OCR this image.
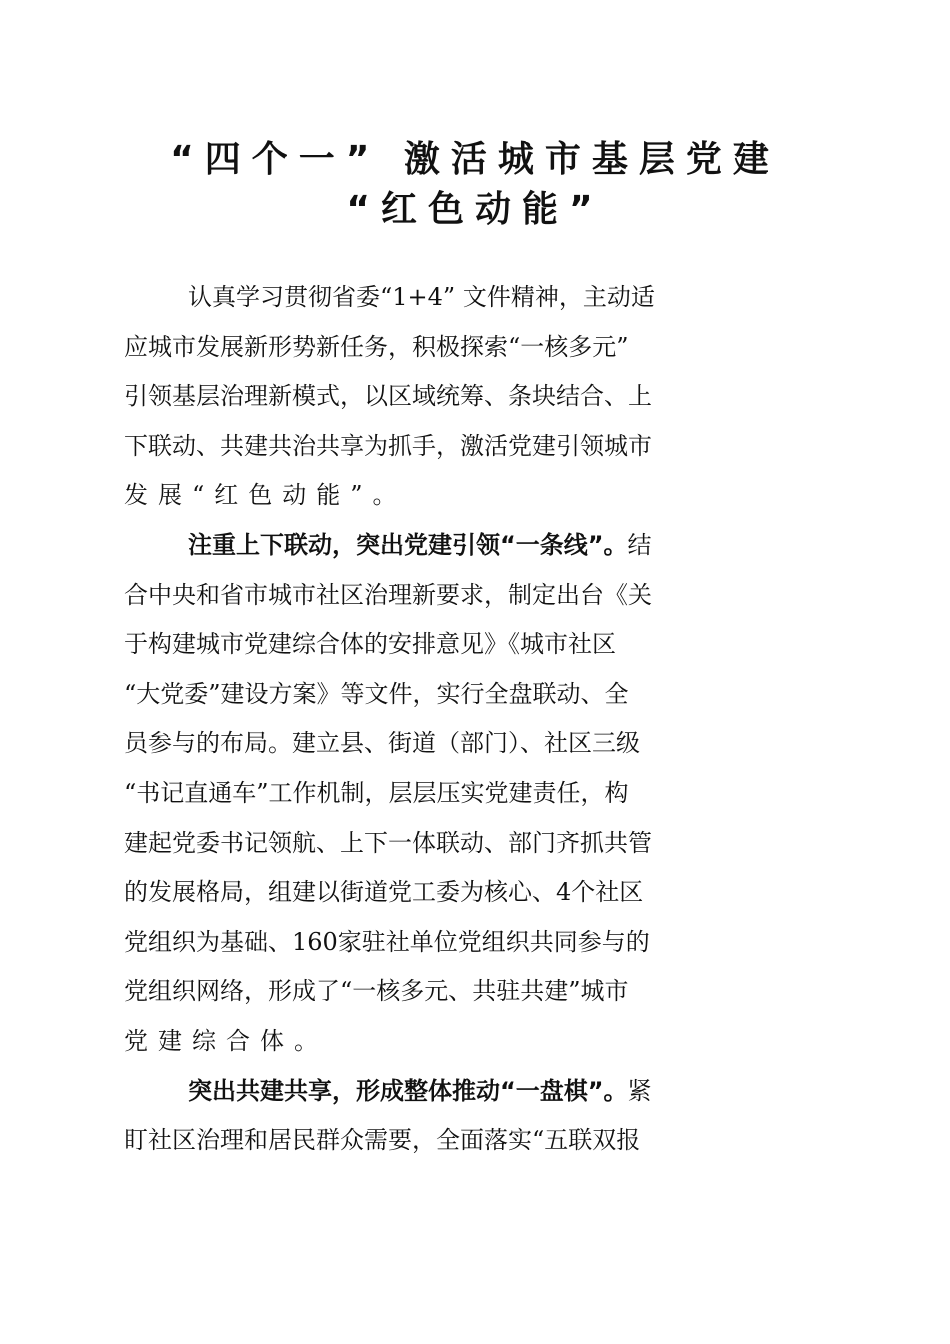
“四个一” 激活城市基层党建
“红色动能”
认真学习贯彻省委“1+4” 文件精神，主动适
应城市发展新形势新任务，积极探索“一核多元”
引领基层治理新模式，以区域统筹、条块结合、上
下联动、共建共治共享为抓手，激活党建引领城市
发展“红色动能”。
注重上下联动，突出党建引领“一条线”。结
合中央和省市城市社区治理新要求，制定出台《关
于构建城市党建综合体的安排意见》《城市社区
“大党委”建设方案》等文件，实行全盘联动、全
员参与的布局。建立县、街道（部门）、社区三级
“书记直通车”工作机制，层层压实党建责任，构
建起党委书记领航、上下一体联动、部门齐抓共管
的发展格局，组建以街道党工委为核心、4个社区
党组织为基础、160家驻社单位党组织共同参与的
党组织网络，形成了“一核多元、共驻共建”城市
党建综合体。
突出共建共享，形成整体推动“一盘棋”。紧
盯社区治理和居民群众需要，全面落实“五联双报
